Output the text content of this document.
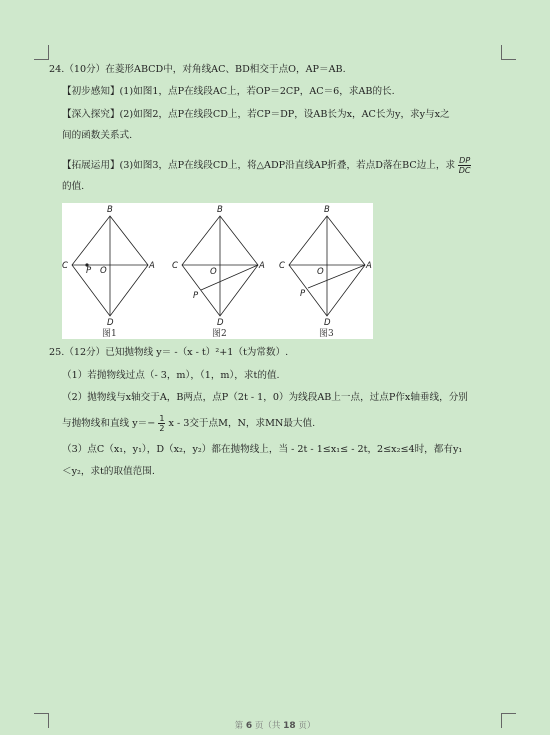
24.（10分）在菱形ABCD中，对角线AC、BD相交于点O，AP＝AB.
【初步感知】(1)如图1，点P在线段AC上，若OP＝2CP，AC＝6，求AB的长.
【深入探究】(2)如图2，点P在线段CD上，若CP＝DP，设AB长为x，AC长为y，求y与x之
间的函数关系式.
【拓展运用】(3)如图3，点P在线段CD上，将△ADP沿直线AP折叠，若点D落在BC边上，求 $\frac{DP}{DC}$
的值.
B
A
C
D
O
P
B
A
C
D
O
P
B
A
C
D
O
P
图1	图2	图3
25.（12分）已知抛物线 y＝ -（x - t）²+1（t为常数）.
（1）若抛物线过点（- 3，m），（1，m），求t的值.
（2）抛物线与x轴交于A，B两点，点P（2t - 1，0）为线段AB上一点，过点P作x轴垂线，分别
与抛物线和直线 $y=- \frac{1}{2}$ x - 3交于点M，N，求MN最大值.
（3）点C（x₁，y₁），D（x₂，y₂）都在抛物线上，当 - 2t - 1≤x₁≤ - 2t，2≤x₂≤4时，都有y₁
＜y₂，求t的取值范围.
第 6 页（共 18 页）
